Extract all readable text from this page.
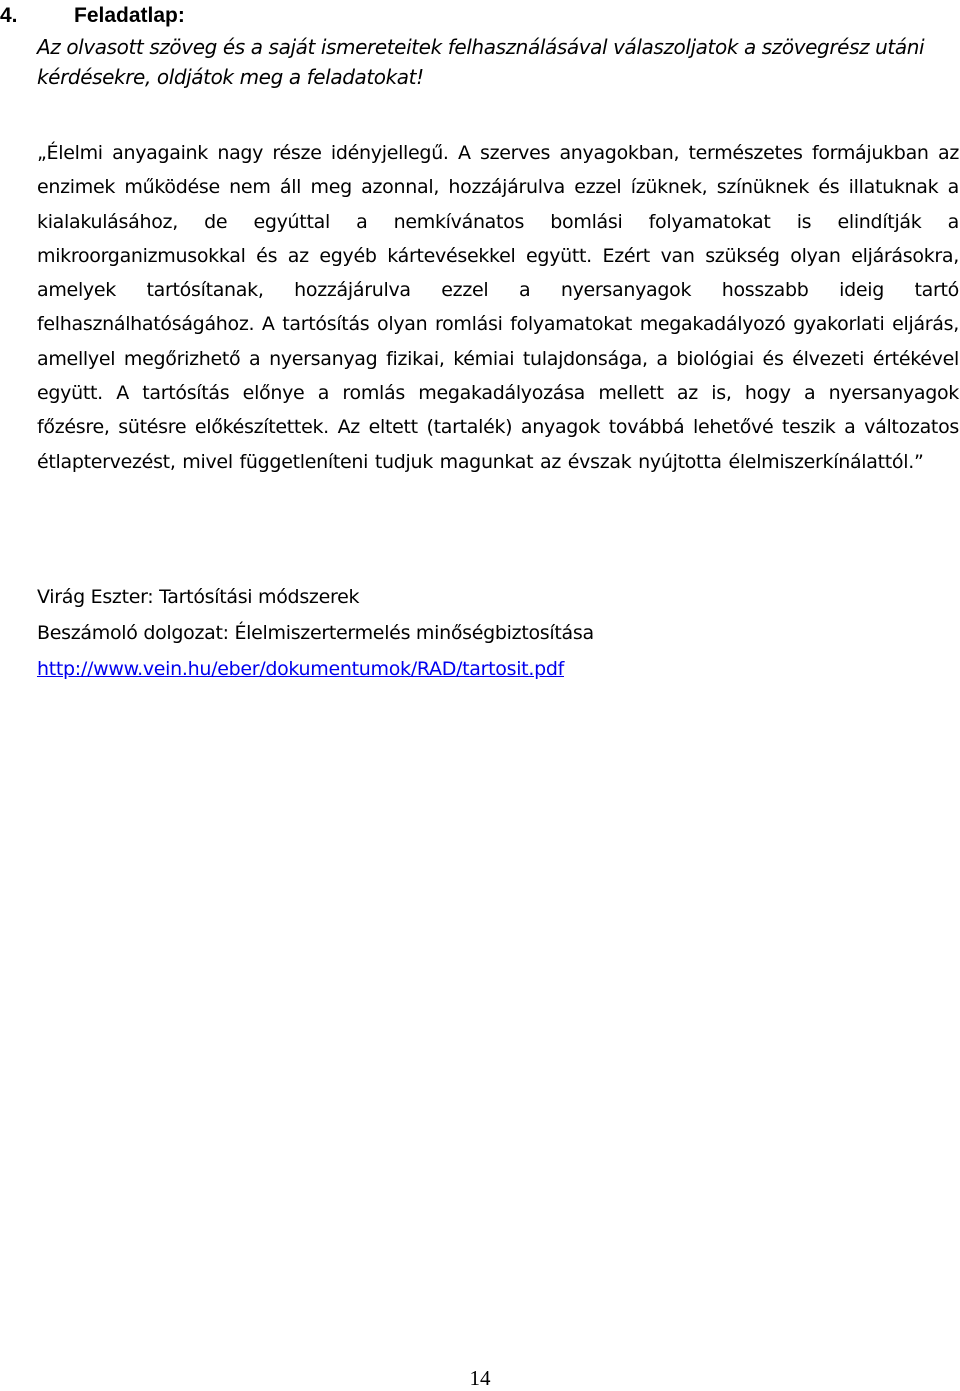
4.	Feladatlap:
Az olvasott szöveg és a saját ismereteitek felhasználásával válaszoljatok a szövegrész utáni kérdésekre, oldjátok meg a feladatokat!

„Élelmi anyagaink nagy része idényjellegű. A szerves anyagokban, természetes formájukban az enzimek működése nem áll meg azonnal, hozzájárulva ezzel ízüknek, színüknek és illatuknak a kialakulásához, de egyúttal a nemkívánatos bomlási folyamatokat is elindítják a mikroorganizmusokkal és az egyéb kártevésekkel együtt. Ezért van szükség olyan eljárásokra, amelyek tartósítanak, hozzájárulva ezzel a nyersanyagok hosszabb ideig tartó felhasználhatóságához. A tartósítás olyan romlási folyamatokat megakadályozó gyakorlati eljárás, amellyel megőrizhető a nyersanyag fizikai, kémiai tulajdonsága, a biológiai és élvezeti értékével együtt. A tartósítás előnye a romlás megakadályozása mellett az is, hogy a nyersanyagok főzésre, sütésre előkészítettek. Az eltett (tartalék) anyagok továbbá lehetővé teszik a változatos étlaptervezést, mivel függetleníteni tudjuk magunkat az évszak nyújtotta élelmiszerkínálattól.”

Virág Eszter: Tartósítási módszerek
Beszámoló dolgozat: Élelmiszertermelés minőségbiztosítása
http://www.vein.hu/eber/dokumentumok/RAD/tartosit.pdf
14
